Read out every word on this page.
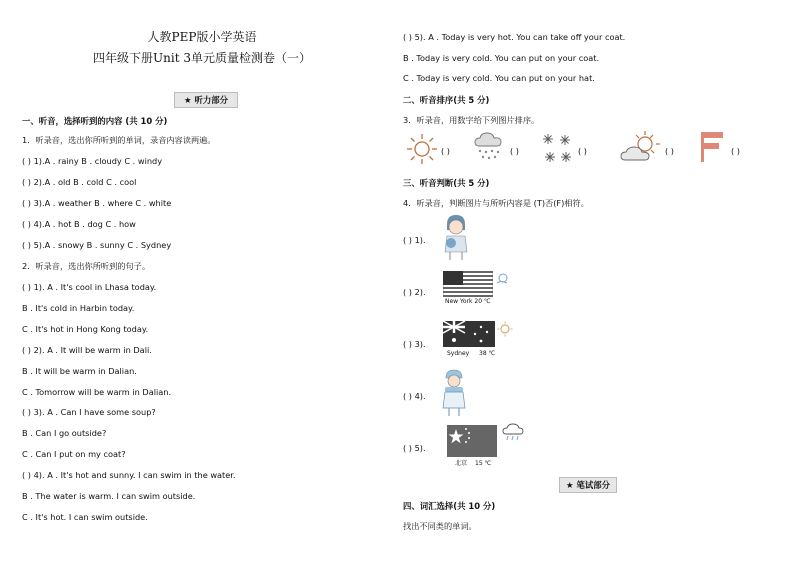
人教PEP版小学英语
四年级下册Unit 3单元质量检测卷（一）
★ 听力部分
一、听音，选择听到的内容 (共 10 分)
1．听录音，选出你所听到的单词，录音内容读两遍。
( ) 1).A . rainy B . cloudy C . windy
( ) 2).A . old B . cold C . cool
( ) 3).A . weather B . where C . white
( ) 4).A . hot B . dog C . how
( ) 5).A . snowy B . sunny C . Sydney
2．听录音，选出你所听到的句子。
( ) 1). A . It's cool in Lhasa today.
B . It's cold in Harbin today.
C . It's hot in Hong Kong today.
( ) 2). A . It will be warm in Dali.
B . It will be warm in Dalian.
C . Tomorrow will be warm in Dalian.
( ) 3). A . Can I have some soup?
B . Can I go outside?
C . Can I put on my coat?
( ) 4). A . It's hot and sunny. I can swim in the water.
B . The water is warm. I can swim outside.
C . It's hot. I can swim outside.
( ) 5). A . Today is very hot. You can take off your coat.
B . Today is very cold. You can put on your coat.
C . Today is very cold. You can put on your hat.
二、听音排序(共 5 分)
3．听录音，用数字给下列图片排序。
( )	( )	( )	( )	( )
三、听音判断(共 5 分)
4．听录音，判断图片与所听内容是 (T)否(F)相符。
( ) 1).
( ) 2).
New York 20 ℃
( ) 3).
Sydney 38 ℃
( ) 4).
( ) 5).
北京 15 ℃
★ 笔试部分
四、词汇选择(共 10 分)
找出不同类的单词。
